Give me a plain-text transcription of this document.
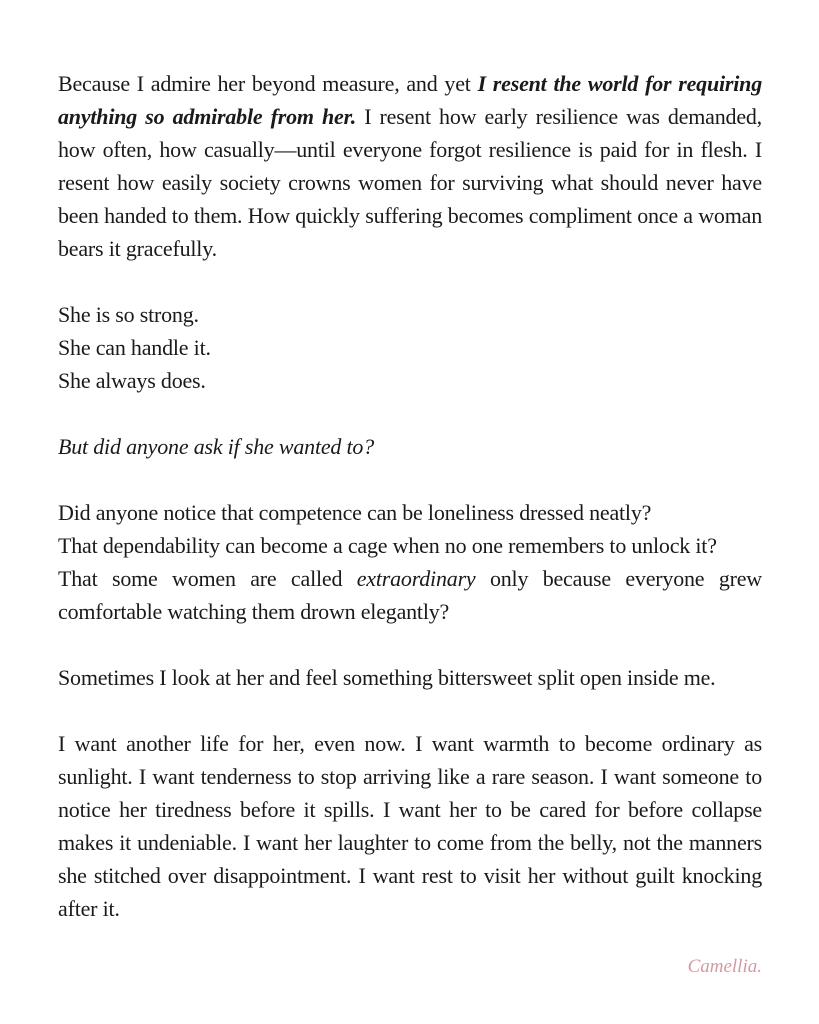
Because I admire her beyond measure, and yet I resent the world for requiring anything so admirable from her. I resent how early resilience was demanded, how often, how casually—until everyone forgot resilience is paid for in flesh. I resent how easily society crowns women for surviving what should never have been handed to them. How quickly suffering becomes compliment once a woman bears it gracefully.

She is so strong.
She can handle it.
She always does.

But did anyone ask if she wanted to?

Did anyone notice that competence can be loneliness dressed neatly?
That dependability can become a cage when no one remembers to unlock it?
That some women are called extraordinary only because everyone grew comfortable watching them drown elegantly?

Sometimes I look at her and feel something bittersweet split open inside me.

I want another life for her, even now. I want warmth to become ordinary as sunlight. I want tenderness to stop arriving like a rare season. I want someone to notice her tiredness before it spills. I want her to be cared for before collapse makes it undeniable. I want her laughter to come from the belly, not the manners she stitched over disappointment. I want rest to visit her without guilt knocking after it.

Camellia.
